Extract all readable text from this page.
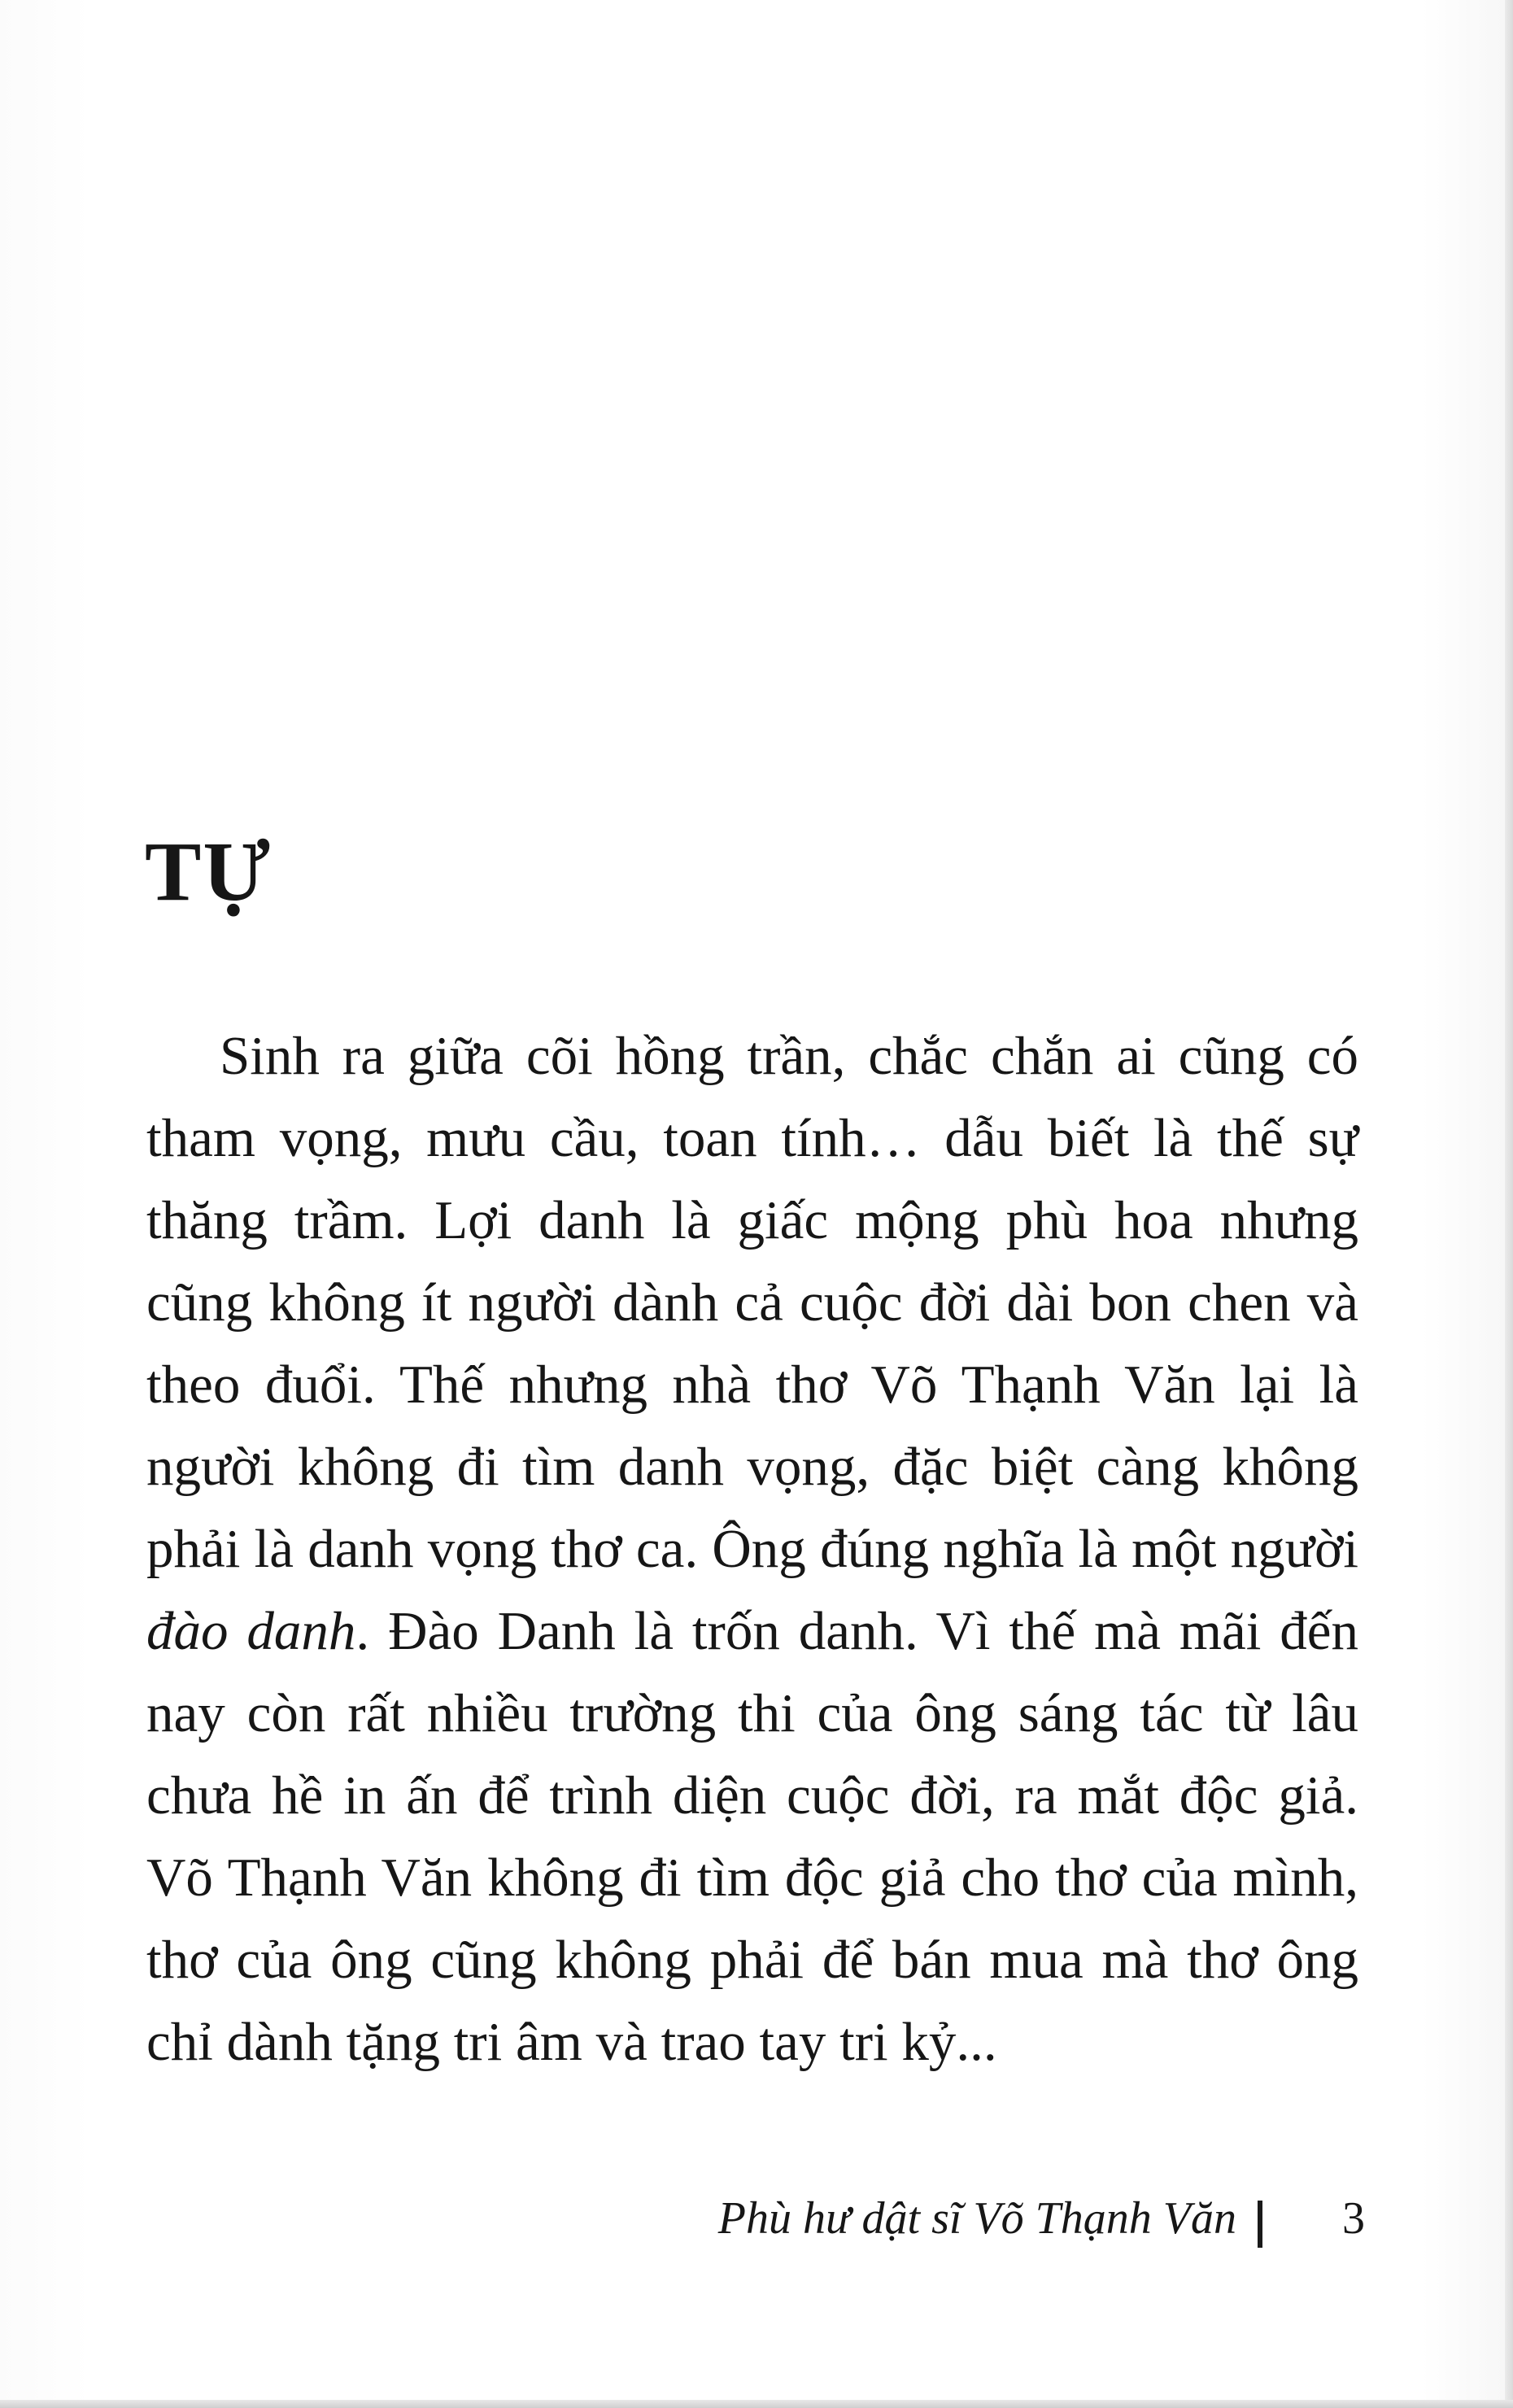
TỰ

Sinh ra giữa cõi hồng trần, chắc chắn ai cũng có tham vọng, mưu cầu, toan tính… dẫu biết là thế sự thăng trầm. Lợi danh là giấc mộng phù hoa nhưng cũng không ít người dành cả cuộc đời dài bon chen và theo đuổi. Thế nhưng nhà thơ Võ Thạnh Văn lại là người không đi tìm danh vọng, đặc biệt càng không phải là danh vọng thơ ca. Ông đúng nghĩa là một người đào danh. Đào Danh là trốn danh. Vì thế mà mãi đến nay còn rất nhiều trường thi của ông sáng tác từ lâu chưa hề in ấn để trình diện cuộc đời, ra mắt độc giả. Võ Thạnh Văn không đi tìm độc giả cho thơ của mình, thơ của ông cũng không phải để bán mua mà thơ ông chỉ dành tặng tri âm và trao tay tri kỷ...

Phù hư dật sĩ Võ Thạnh Văn 3
